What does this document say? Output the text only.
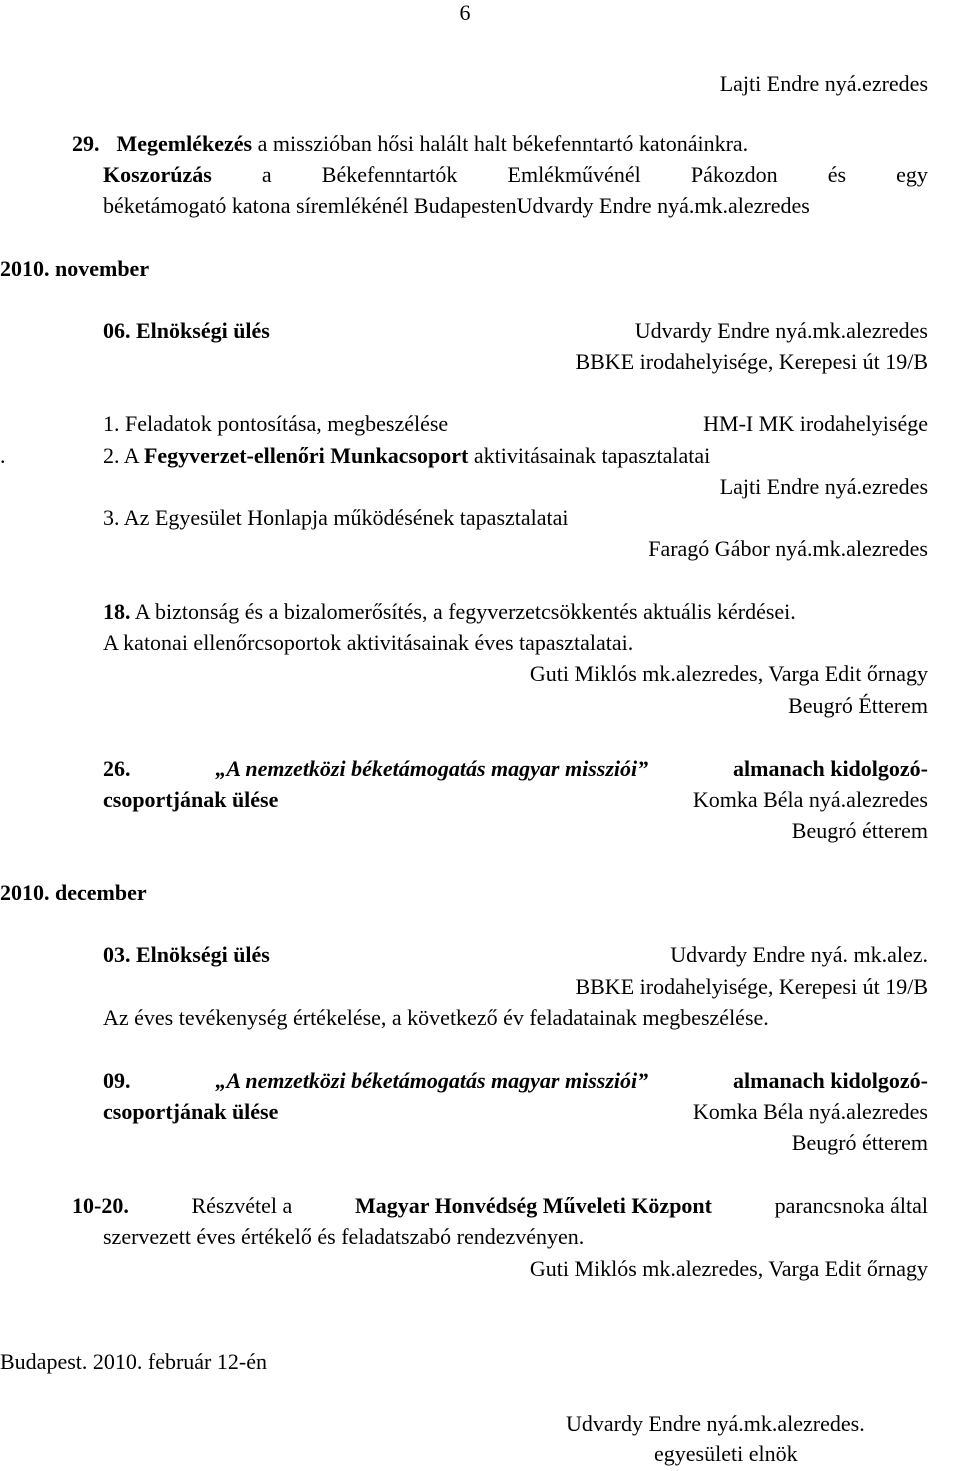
6
Lajti Endre nyá.ezredes
29. Megemlékezés a misszióban hősi halált halt békefenntartó katonáinkra.
Koszorúzás a Békefenntartók Emlékművénél Pákozdon és egy
béketámogató katona síremlékénél BudapestenUdvardy Endre nyá.mk.alezredes
2010. november
06. Elnökségi ülés	Udvardy Endre nyá.mk.alezredes
BBKE irodahelyisége, Kerepesi út 19/B
1. Feladatok pontosítása, megbeszélése	HM-I MK irodahelyisége
.	2. A Fegyverzet-ellenőri Munkacsoport aktivitásainak tapasztalatai
Lajti Endre nyá.ezredes
3. Az Egyesület Honlapja működésének tapasztalatai
Faragó Gábor nyá.mk.alezredes
18. A biztonság és a bizalomerősítés, a fegyverzetcsökkentés aktuális kérdései.
A katonai ellenőrcsoportok aktivitásainak éves tapasztalatai.
Guti Miklós mk.alezredes, Varga Edit őrnagy
Beugró Étterem
26.	„A nemzetközi béketámogatás magyar missziói”	almanach kidolgozó-
csoportjának ülése	Komka Béla nyá.alezredes
Beugró étterem
2010. december
03. Elnökségi ülés	Udvardy Endre nyá. mk.alez.
BBKE irodahelyisége, Kerepesi út 19/B
Az éves tevékenység értékelése, a következő év feladatainak megbeszélése.
09.	„A nemzetközi béketámogatás magyar missziói”	almanach kidolgozó-
csoportjának ülése	Komka Béla nyá.alezredes
Beugró étterem
10-20.	Részvétel a	Magyar Honvédség Műveleti Központ	parancsnoka által
szervezett éves értékelő és feladatszabó rendezvényen.
Guti Miklós mk.alezredes, Varga Edit őrnagy
Budapest. 2010. február 12-én
Udvardy Endre nyá.mk.alezredes.
egyesületi elnök
